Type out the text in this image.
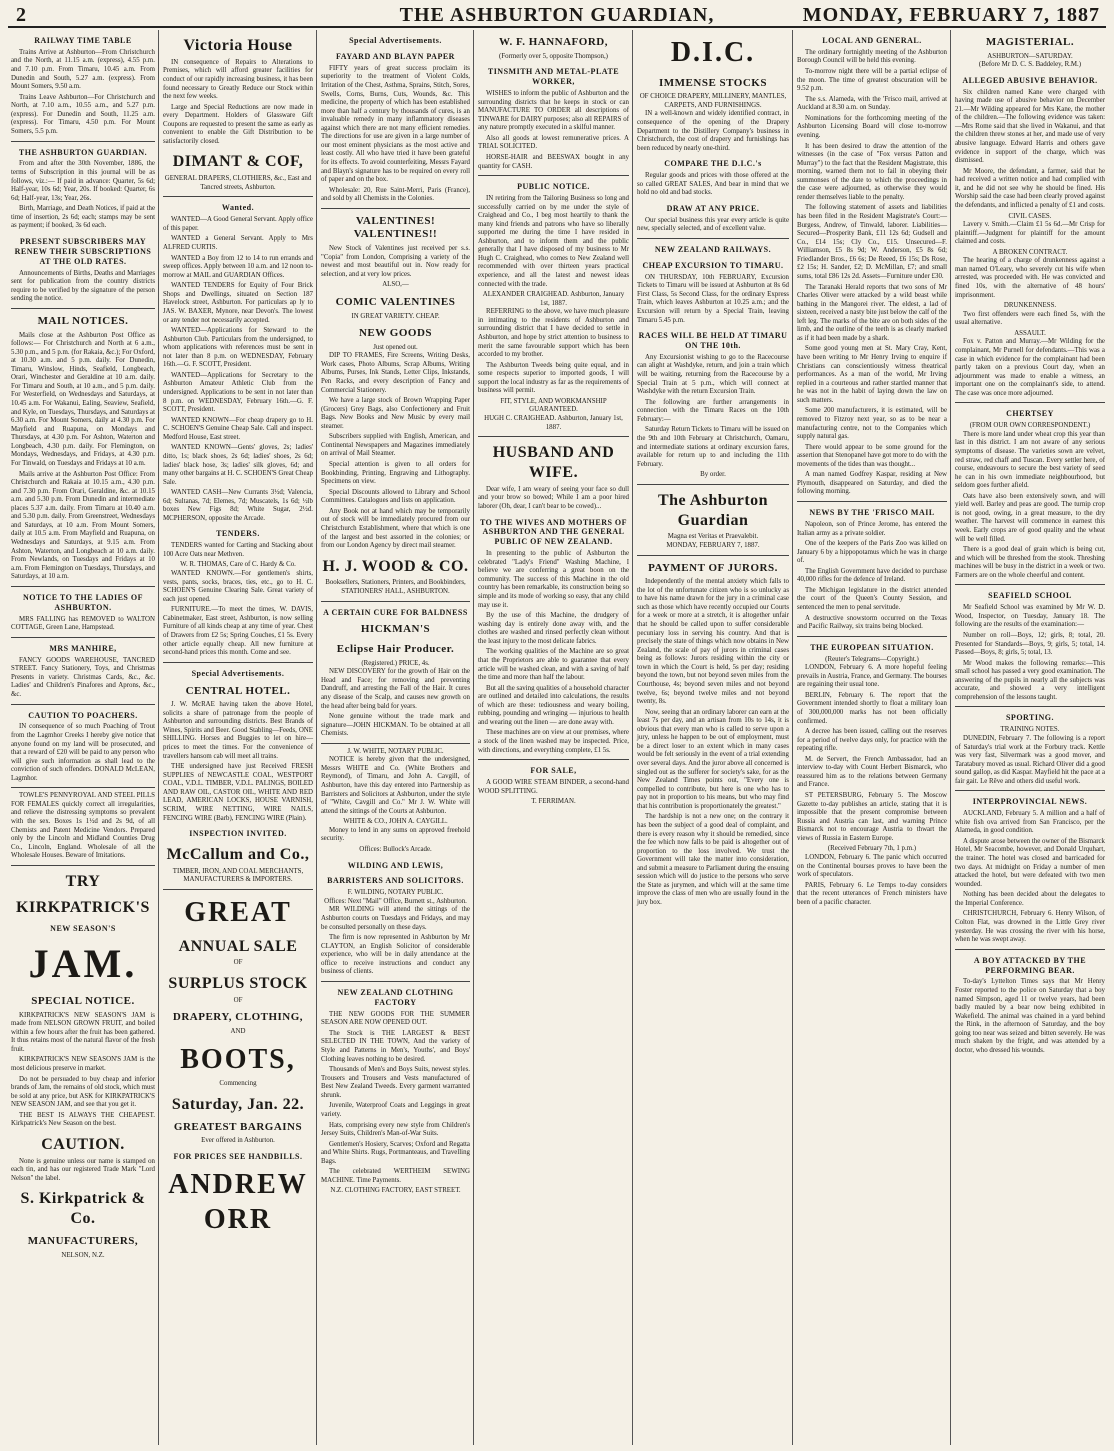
2	THE ASHBURTON GUARDIAN,	MONDAY, FEBRUARY 7, 1887
RAILWAY TIME TABLE

Trains Arrive at Ashburton—From Christchurch and the North, at 11.15 a.m. (express), 4.55 p.m. and 7.10 p.m. From Timaru, 10.45 a.m. From Dunedin and South, 5.27 a.m. (express). From Mount Somers, 9.50 a.m.

Trains Leave Ashburton—For Christchurch and North, at 7.10 a.m., 10.55 a.m., and 5.27 p.m. (express). For Dunedin and South, 11.25 a.m. (express). For Timaru, 4.50 p.m. For Mount Somers, 5.5 p.m.

THE ASHBURTON GUARDIAN.

From and after the 30th November, 1886, the terms of Subscription in this journal will be as follows, viz.:— If paid in advance: Quarter, 5s 6d; Half-year, 10s 6d; Year, 20s. If booked: Quarter, 6s 6d; Half-year, 13s; Year, 26s.

Birth, Marriage, and Death Notices, if paid at the time of insertion, 2s 6d; each; stamps may be sent as payment; if booked, 3s 6d each.

PRESENT SUBSCRIBERS MAY RENEW THEIR SUBSCRIPTIONS AT THE OLD RATES.

Announcements of Births, Deaths and Marriages sent for publication from the country districts require to be verified by the signature of the person sending the notice.

MAIL NOTICES.

Mails close at the Ashburton Post Office as follows:— For Christchurch and North at 6 a.m., 5.30 p.m., and 5 p.m. (for Rakaia, &c.); For Oxford, at 10.30 a.m. and 5 p.m. daily. For Dunedin, Timaru, Winslow, Hinds, Seafield, Longbeach, Orari, Winchester and Geraldine at 10 a.m. daily. For Timaru and South, at 10 a.m., and 5 p.m. daily. For Westerfield, on Wednesdays and Saturdays, at 10.45 a.m. For Wakanui, Ealing, Seaview, Seafield, and Kyle, on Tuesdays, Thursdays, and Saturdays at 6.30 a.m. For Mount Somers, daily at 4.30 p.m. For Mayfield and Ruapuna, on Mondays and Thursdays, at 4.30 p.m. For Ashton, Waterton and Longbeach, 4.30 p.m. daily. For Flemington, on Mondays, Wednesdays, and Fridays, at 4.30 p.m. For Tinwald, on Tuesdays and Fridays at 10 a.m.

Mails arrive at the Ashburton Post Office: From Christchurch and Rakaia at 10.15 a.m., 4.30 p.m. and 7.30 p.m. From Orari, Geraldine, &c. at 10.15 a.m. and 5.30 p.m. From Dunedin and intermediate places 5.37 a.m. daily. From Timaru at 10.40 a.m. and 5.30 p.m. daily. From Greenstreet, Wednesdays and Saturdays, at 10 a.m. From Mount Somers, daily at 10.5 a.m. From Mayfield and Ruapuna, on Wednesdays and Saturdays, at 9.15 a.m. From Ashton, Waterton, and Longbeach at 10 a.m. daily. From Newlands, on Tuesdays and Fridays at 10 a.m. From Flemington on Tuesdays, Thursdays, and Saturdays, at 10 a.m.

NOTICE TO THE LADIES OF ASHBURTON.

MRS FALLING has REMOVED to WALTON COTTAGE, Green Lane, Hampstead.

MRS MANHIRE,

FANCY GOODS WAREHOUSE, TANCRED STREET. Fancy Stationery, Toys, and Christmas Presents in variety. Christmas Cards, &c., &c. Ladies' and Children's Pinafores and Aprons, &c., &c.

CAUTION TO POACHERS.

IN consequence of so much Poaching of Trout from the Lagmhor Creeks I hereby give notice that anyone found on my land will be prosecuted, and that a reward of £20 will be paid to any person who will give such information as shall lead to the conviction of such offenders. DONALD McLEAN, Lagmhor.

TOWLE'S PENNYROYAL AND STEEL PILLS FOR FEMALES quickly correct all irregularities, and relieve the distressing symptoms so prevalent with the sex. Boxes 1s 1½d and 2s 9d, of all Chemists and Patent Medicine Vendors. Prepared only by the Lincoln and Midland Counties Drug Co., Lincoln, England. Wholesale of all the Wholesale Houses. Beware of Imitations.

TRY
KIRKPATRICK'S
NEW SEASON'S
JAM.
SPECIAL NOTICE.

KIRKPATRICK'S NEW SEASON'S JAM is made from NELSON GROWN FRUIT, and boiled within a few hours after the fruit has been gathered. It thus retains most of the natural flavor of the fresh fruit.

KIRKPATRICK'S NEW SEASON'S JAM is the most delicious preserve in market.

Do not be persuaded to buy cheap and inferior brands of Jam, the remains of old stock, which must be sold at any price, but ASK for KIRKPATRICK'S NEW SEASON JAM, and see that you get it.

THE BEST IS ALWAYS THE CHEAPEST. Kirkpatrick's New Season on the best.

CAUTION.

None is genuine unless our name is stamped on each tin, and has our registered Trade Mark "Lord Nelson" the label.

S. Kirkpatrick & Co.
MANUFACTURERS,
NELSON, N.Z.
Victoria House

IN consequence of Repairs to Alterations to Premises, which will afford greater facilities for conduct of our rapidly increasing business, it has been found necessary to Greatly Reduce our Stock within the next few weeks.

Large and Special Reductions are now made in every Department. Holders of Glassware Gift Coupons are requested to present the same as early as convenient to enable the Gift Distribution to be satisfactorily closed.

DIMANT & COF,
GENERAL DRAPERS, CLOTHIERS, &c., East and Tancred streets, Ashburton.
Wanted.

WANTED—A Good General Servant. Apply office of this paper.

WANTED a General Servant. Apply to Mrs ALFRED CURTIS.

WANTED a Boy from 12 to 14 to run errands and sweep offices. Apply between 10 a.m. and 12 noon to-morrow at MAIL and GUARDIAN Offices.

WANTED TENDERS for Equity of Four Brick Shops and Dwellings, situated on Section 187 Havelock street, Ashburton. For particulars ap ly to JAS. W. BAXER, Mynore, near Devon's. The lowest or any tender not necessarily accepted.

WANTED—Applications for Steward to the Ashburton Club. Particulars from the undersigned, to whom applications with references must be sent in not later than 8 p.m. on WEDNESDAY, February 16th.—G. F. SCOTT, President.

WANTED—Applications for Secretary to the Ashburton Amateur Athletic Club from the undersigned. Applications to be sent in not later than 8 p.m. on WEDNESDAY, February 16th.—G. F. SCOTT, President.

WANTED KNOWN—For cheap drapery go to H. C. SCHOEN'S Genuine Cheap Sale. Call and inspect. Medford House, East street.

WANTED KNOWN—Gents' gloves, 2s; ladies' ditto, 1s; black shoes, 2s 6d; ladies' shoes, 2s 6d; ladies' black hose, 3s; ladies' silk gloves, 6d; and many other bargains at H. C. SCHOEN'S Great Cheap Sale.

WANTED CASH—New Currants 3½d; Valencia, 6d; Sultanas, 7d; Elemes, 7d; Muscatels, 1s 6d; ½lb boxes New Figs 8d; White Sugar, 2½d. MCPHERSON, opposite the Arcade.

TENDERS.

TENDERS wanted for Carting and Stacking about 100 Acre Oats near Methven.

W. R. THOMAS, Care of C. Hardy & Co.

WANTED KNOWN.—For gentlemen's shirts, vests, pants, socks, braces, ties, etc., go to H. C. SCHOEN'S Genuine Clearing Sale. Great variety of each just opened.

FURNITURE.—To meet the times, W. DAVIS, Cabinetmaker, East street, Ashburton, is now selling Furniture of all kinds cheap at any time of year. Chest of Drawers from £2 5s; Spring Couches, £1 5s. Every other article equally cheap. All new furniture at second-hand prices this month. Come and see.

Special Advertisements.
CENTRAL HOTEL.

J. W. McRAE having taken the above Hotel, solicits a share of patronage from the people of Ashburton and surrounding districts. Best Brands of Wines, Spirits and Beer. Good Stabling—Feeds, ONE SHILLING. Horses and Buggies to let on hire—prices to meet the times. For the convenience of travellers hansom cab will meet all trains.

THE undersigned have just Received FRESH SUPPLIES of NEWCASTLE COAL, WESTPORT COAL, V.D.L. TIMBER, V.D.L. PALINGS, BOILED AND RAW OIL, CASTOR OIL, WHITE AND RED LEAD, AMERICAN LOCKS, HOUSE VARNISH, SCRIM, WIRE NETTING, WIRE NAILS, FENCING WIRE (Barb), FENCING WIRE (Plain).

INSPECTION INVITED.
McCallum and Co.,
TIMBER, IRON, AND COAL MERCHANTS, MANUFACTURERS & IMPORTERS.
GREAT
ANNUAL SALE
OF
SURPLUS STOCK
OF
DRAPERY, CLOTHING,
AND
BOOTS,
Commencing
Saturday, Jan. 22.
GREATEST BARGAINS
Ever offered in Ashburton.
FOR PRICES SEE HANDBILLS.
ANDREW ORR
Special Advertisements.
FAYARD AND BLAYN PAPER

FIFTY years of great success proclaim its superiority to the treatment of Violent Colds, Irritation of the Chest, Asthma, Sprains, Stitch, Sores, Swells, Corns, Burns, Cuts, Wounds, &c. This medicine, the property of which has been established more than half a century by thousands of cures, is an invaluable remedy in many inflammatory diseases against which there are not many efficient remedies. The directions for use are given in a large number of our most eminent physicians as the most active and least costly. All who have tried it have been grateful for its effects. To avoid counterfeiting, Messrs Fayard and Blayn's signature has to be required on every roll of paper and on the box.

Wholesale: 20, Rue Saint-Merri, Paris (France), and sold by all Chemists in the Colonies.

VALENTINES! VALENTINES!!

New Stock of Valentines just received per s.s. "Copia" from London, Comprising a variety of the newest and most beautiful out in. Now ready for selection, and at very low prices.

ALSO,—
COMIC VALENTINES
IN GREAT VARIETY. CHEAP.
NEW GOODS
Just opened out.

DIP TO FRAMES, Fire Screens, Writing Desks, Work cases, Photo Albums, Scrap Albums, Writing Albums, Purses, Ink Stands, Letter Clips, Inkstands, Pen Racks, and every description of Fancy and Commercial Stationery.

We have a large stock of Brown Wrapping Paper (Grocers) Grey Bags, also Confectionery and Fruit Bags. New Books and New Music by every mail steamer.

Subscribers supplied with English, American, and Continental Newspapers and Magazines immediately on arrival of Mail Steamer.

Special attention is given to all orders for Bookbinding, Printing, Engraving and Lithography. Specimens on view.

Special Discounts allowed to Library and School Committees. Catalogues and lists on application.

Any Book not at hand which may be temporarily out of stock will be immediately procured from our Christchurch Establishment, where that which is one of the largest and best assorted in the colonies; or from our London Agency by direct mail steamer.

H. J. WOOD & CO.
Booksellers, Stationers, Printers, and Bookbinders,
STATIONERS' HALL, ASHBURTON.
A CERTAIN CURE FOR BALDNESS
HICKMAN'S
Eclipse Hair Producer.
(Registered.) PRICE, 4s.

NEW DISCOVERY for the growth of Hair on the Head and Face; for removing and preventing Dandruff, and arresting the Fall of the Hair. It cures any disease of the Scalp, and causes new growth on the head after being bald for years.

None genuine without the trade mark and signature—JOHN HICKMAN. To be obtained at all Chemists.

J. W. WHITE, NOTARY PUBLIC.

NOTICE is hereby given that the undersigned, Messrs WHITE and Co. (White Brothers and Reymond), of Timaru, and John A. Cavgill, of Ashburton, have this day entered into Partnership as Barristers and Solicitors at Ashburton, under the style of "White, Cavgill and Co." Mr J. W. White will attend the sittings of the Courts at Ashburton.

WHITE & CO., JOHN A. CAYGILL.

Money to lend in any sums on approved freehold security.

Offices: Bullock's Arcade.
WILDING AND LEWIS,
BARRISTERS AND SOLICITORS.
F. WILDING, NOTARY PUBLIC.
Offices: Next "Mail" Office, Burnett st., Ashburton.

MR WILDING will attend the sittings of the Ashburton courts on Tuesdays and Fridays, and may be consulted personally on these days.

The firm is now represented in Ashburton by Mr CLAYTON, an English Solicitor of considerable experience, who will be in daily attendance at the office to receive instructions and conduct any business of clients.

NEW ZEALAND CLOTHING FACTORY

THE NEW GOODS FOR THE SUMMER SEASON ARE NOW OPENED OUT.

The Stock is THE LARGEST & BEST SELECTED IN THE TOWN, And the variety of Style and Patterns in Men's, Youths', and Boys' Clothing leaves nothing to be desired.

Thousands of Men's and Boys Suits, newest styles. Trousers and Trousers and Vests manufactured of Best New Zealand Tweeds. Every garment warranted shrunk.

Juvenile, Waterproof Coats and Leggings in great variety.

Hats, comprising every new style from Children's Jersey Suits, Children's Man-of-War Suits.

Gentlemen's Hosiery, Scarves; Oxford and Regatta and White Shirts. Rugs, Portmanteaus, and Travelling Bags.

The celebrated WERTHEIM SEWING MACHINE. Time Payments.

N.Z. CLOTHING FACTORY, EAST STREET.
W. F. HANNAFORD,
(Formerly over 5, opposite Thompson,)
TINSMITH AND METAL-PLATE WORKER,

WISHES to inform the public of Ashburton and the surrounding districts that he keeps in stock or can MANUFACTURE TO ORDER all descriptions of TINWARE for DAIRY purposes; also all REPAIRS of any nature promptly executed in a skilful manner.

Also all goods at lowest remunerative prices. A TRIAL SOLICITED.

HORSE-HAIR and BEESWAX bought in any quantity for CASH.

PUBLIC NOTICE.

IN retiring from the Tailoring Business so long and successfully carried on by me under the style of Craighead and Co., I beg most heartily to thank the many kind friends and patrons who have so liberally supported me during the time I have resided in Ashburton, and to inform them and the public generally that I have disposed of my business to Mr Hugh C. Craighead, who comes to New Zealand well recommended with over thirteen years practical experience, and all the latest and newest ideas connected with the trade.

ALEXANDER CRAIGHEAD. Ashburton, January 1st, 1887.

REFERRING to the above, we have much pleasure in intimating to the residents of Ashburton and surrounding district that I have decided to settle in Ashburton, and hope by strict attention to business to merit the same favourable support which has been accorded to my brother.

The Ashburton Tweeds being quite equal, and in some respects superior to imported goods, I will support the local industry as far as the requirements of business will permit.

FIT, STYLE, AND WORKMANSHIP GUARANTEED.
HUGH C. CRAIGHEAD. Ashburton, January 1st, 1887.
HUSBAND AND WIFE.

Dear wife, I am weary of seeing your face so dull and your brow so bowed; While I am a poor hired laborer (Oh, dear, I can't bear to be cowed)...

TO THE WIVES AND MOTHERS OF ASHBURTON AND THE GENERAL PUBLIC OF NEW ZEALAND.

In presenting to the public of Ashburton the celebrated "Lady's Friend" Washing Machine, I believe we are conferring a great boon on the community. The success of this Machine in the old country has been remarkable, its construction being so simple and its mode of working so easy, that any child may use it.

By the use of this Machine, the drudgery of washing day is entirely done away with, and the clothes are washed and rinsed perfectly clean without the least injury to the most delicate fabrics.

The working qualities of the Machine are so great that the Proprietors are able to guarantee that every article will be washed clean, and with a saving of half the time and more than half the labour.

But all the saving qualities of a household character are outlined and detailed into calculations, the results of which are these: tediousness and weary boiling, rubbing, pounding and wringing — injurious to health and wearing out the linen — are done away with.

These machines are on view at our premises, where a stock of the linen washed may be inspected. Price, with directions, and everything complete, £1 5s.

FOR SALE,

A GOOD WIRE STEAM BINDER, a second-hand WOOD SPLITTING.

T. FERRIMAN.
D.I.C.
IMMENSE STOCKS
OF CHOICE DRAPERY, MILLINERY, MANTLES, CARPETS, AND FURNISHINGS.

IN a well-known and widely identified contract, in consequence of the opening of the Drapery Department to the Distillery Company's business in Christchurch, the cost of drapery and furnishings has been reduced by nearly one-third.

COMPARE THE D.I.C.'s

Regular goods and prices with those offered at the so called GREAT SALES, And bear in mind that we hold no old and bad stocks.

DRAW AT ANY PRICE.

Our special business this year every article is quite new, specially selected, and of excellent value.

NEW ZEALAND RAILWAYS.
CHEAP EXCURSION TO TIMARU.

ON THURSDAY, 10th FEBRUARY, Excursion Tickets to Timaru will be issued at Ashburton at 8s 6d First Class, 5s Second Class, for the ordinary Express Train, which leaves Ashburton at 10.25 a.m.; and the Excursion will return by a Special Train, leaving Timaru 5.45 p.m.

RACES WILL BE HELD AT TIMARU ON THE 10th.

Any Excursionist wishing to go to the Racecourse can alight at Washdyke, return, and join a train which will be waiting, returning from the Racecourse by a Special Train at 5 p.m., which will connect at Washdyke with the return Excursion Train.

The following are further arrangements in connection with the Timaru Races on the 10th February:—

Saturday Return Tickets to Timaru will be issued on the 9th and 10th February at Christchurch, Oamaru, and intermediate stations at ordinary excursion fares, available for return up to and including the 11th February.

By order.
The Ashburton Guardian
Magna est Veritas et Praevalebit.
MONDAY, FEBRUARY 7, 1887.
PAYMENT OF JURORS.

Independently of the mental anxiety which falls to the lot of the unfortunate citizen who is so unlucky as to have his name drawn for the jury in a criminal case such as those which have recently occupied our Courts for a week or more at a stretch, it is altogether unfair that he should be called upon to suffer considerable pecuniary loss in serving his country. And that is precisely the state of things which now obtains in New Zealand, the scale of pay of jurors in criminal cases being as follows: Jurors residing within the city or town in which the Court is held, 5s per day; residing beyond the town, but not beyond seven miles from the Courthouse, 4s; beyond seven miles and not beyond twelve, 6s; beyond twelve miles and not beyond twenty, 8s.

Now, seeing that an ordinary laborer can earn at the least 7s per day, and an artisan from 10s to 14s, it is obvious that every man who is called to serve upon a jury, unless he happen to be out of employment, must be a direct loser to an extent which in many cases would be felt seriously in the event of a trial extending over several days. And the juror above all concerned is singled out as the sufferer for society's sake, for as the New Zealand Times points out, "Every one is compelled to contribute, but here is one who has to pay not in proportion to his means, but who may find that his contribution is proportionately the greatest."

The hardship is not a new one; on the contrary it has been the subject of a good deal of complaint, and there is every reason why it should be remedied, since the fee which now falls to be paid is altogether out of proportion to the loss involved. We trust the Government will take the matter into consideration, and submit a measure to Parliament during the ensuing session which will do justice to the persons who serve the State as jurymen, and which will at the same time improve the class of men who are usually found in the jury box.

LOCAL AND GENERAL.

The ordinary fortnightly meeting of the Ashburton Borough Council will be held this evening.

To-morrow night there will be a partial eclipse of the moon. The time of greatest obscuration will be 9.52 p.m.

The s.s. Alameda, with the 'Frisco mail, arrived at Auckland at 8.30 a.m. on Sunday.

Nominations for the forthcoming meeting of the Ashburton Licensing Board will close to-morrow evening.

It has been desired to draw the attention of the witnesses (in the case of "Fox versus Patton and Murray") to the fact that the Resident Magistrate, this morning, warned them not to fail in obeying their summonses of the date to which the proceedings in the case were adjourned, as otherwise they would render themselves liable to the penalty.

The following statement of assets and liabilities has been filed in the Resident Magistrate's Court:—Burgess, Andrew, of Tinwald, laborer. Liabilities—Secured—Prosperity Bank, £11 12s 6d; Gudsell and Co., £14 15s; Cly Co., £15. Unsecured—F. Williamson, £5 8s 9d; W. Anderson, £5 8s 6d; Friedlander Bros., £6 6s; De Reeed, £6 15s; Ds Rose, £2 15s; H. Sander, £2; D. McMillan, £7; and small sums, total £86 12s 2d. Assets—Furniture under £30.

The Taranaki Herald reports that two sons of Mr Charles Oliver were attacked by a wild beast while bathing in the Mangorei river. The eldest, a lad of sixteen, received a nasty bite just below the calf of the left leg. The marks of the bite are on both sides of the limb, and the outline of the teeth is as clearly marked as if it had been made by a shark.

Some good young men at St. Mary Cray, Kent, have been writing to Mr Henry Irving to enquire if Christians can conscientiously witness theatrical performances. As a man of the world, Mr Irving replied in a courteous and rather startled manner that he was not in the habit of laying down the law on such matters.

Some 200 manufacturers, it is estimated, will be removed to Fitzroy next year, so as to be near a manufacturing centre, not to the Companies which supply natural gas.

There would appear to be some ground for the assertion that Stenopanel have got more to do with the movements of the tides than was thought...

A man named Godfrey Kaspar, residing at New Plymouth, disappeared on Saturday, and died the following morning.

NEWS BY THE 'FRISCO MAIL

Napoleon, son of Prince Jerome, has entered the Italian army as a private soldier.

One of the keepers of the Paris Zoo was killed on January 6 by a hippopotamus which he was in charge of.

The English Government have decided to purchase 40,000 rifles for the defence of Ireland.

The Michigan legislature in the district attended the court of the Queen's County Session, and sentenced the men to penal servitude.

A destructive snowstorm occurred on the Texas and Pacific Railway, six trains being blocked.

THE EUROPEAN SITUATION.
(Reuter's Telegrams—Copyright.)

LONDON, February 6. A more hopeful feeling prevails in Austria, France, and Germany. The bourses are regaining their usual tone.

BERLIN, February 6. The report that the Government intended shortly to float a military loan of 300,000,000 marks has not been officially confirmed.

A decree has been issued, calling out the reserves for a period of twelve days only, for practice with the repeating rifle.

M. de Servert, the French Ambassador, had an interview to-day with Count Herbert Bismarck, who reassured him as to the relations between Germany and France.

ST PETERSBURG, February 5. The Moscow Gazette to-day publishes an article, stating that it is impossible that the present compromise between Russia and Austria can last, and warning Prince Bismarck not to encourage Austria to thwart the views of Russia in Eastern Europe.

(Received February 7th, 1 p.m.)

LONDON, February 6. The panic which occurred on the Continental bourses proves to have been the work of speculators.

PARIS, February 6. Le Temps to-day considers that the recent utterances of French ministers have been of a pacific character.

MAGISTERIAL.
ASHBURTON—SATURDAY.
(Before Mr D. C. S. Baddeley, R.M.)
ALLEGED ABUSIVE BEHAVIOR.

Six children named Kane were charged with having made use of abusive behavior on December 21.—Mr Wilding appeared for Mrs Kane, the mother of the children.—The following evidence was taken:—Mrs Rome said that she lived in Wakanui, and that the children threw stones at her, and made use of very abusive language. Edward Harris and others gave evidence in support of the charge, which was dismissed.

Mr Moore, the defendant, a farmer, said that he had received a written notice and had complied with it, and he did not see why he should be fined. His Worship said the case had been clearly proved against the defendants, and inflicted a penalty of £1 and costs.

CIVIL CASES.

Lavery v. Smith.—Claim £1 5s 6d.—Mr Crisp for plaintiff.—Judgment for plaintiff for the amount claimed and costs.

A BROKEN CONTRACT.

The hearing of a charge of drunkenness against a man named O'Leary, who severely cut his wife when arrested, was proceeded with. He was convicted and fined 10s, with the alternative of 48 hours' imprisonment.

DRUNKENNESS.

Two first offenders were each fined 5s, with the usual alternative.

ASSAULT.

Fox v. Patton and Murray.—Mr Wilding for the complainant, Mr Purnell for defendants.—This was a case in which evidence for the complainant had been partly taken on a previous Court day, when an adjournment was made to enable a witness, an important one on the complainant's side, to attend. The case was once more adjourned.

CHERTSEY
(FROM OUR OWN CORRESPONDENT.)

There is more land under wheat crop this year than last in this district. I am not aware of any serious symptoms of disease. The varieties sown are velvet, red straw, red chaff and Tuscan. Every settler here, of course, endeavours to secure the best variety of seed he can in his own immediate neighbourhood, but seldom goes further afield.

Oats have also been extensively sown, and will yield well. Barley and peas are good. The turnip crop is not good, owing, in a great measure, to the dry weather. The harvest will commence in earnest this week. Early crops are of good quality and the wheat will be well filled.

There is a good deal of grain which is being cut, and which will be threshed from the stook. Threshing machines will be busy in the district in a week or two. Farmers are on the whole cheerful and content.

SEAFIELD SCHOOL

Mr Seafield School was examined by Mr W. D. Wood, Inspector, on Tuesday, January 18. The following are the results of the examination:—

Number on roll—Boys, 12; girls, 8; total, 20. Presented for Standards—Boys, 9; girls, 5; total, 14. Passed—Boys, 8; girls, 5; total, 13.

Mr Wood makes the following remarks:—This small school has passed a very good examination. The answering of the pupils in nearly all the subjects was accurate, and showed a very intelligent comprehension of the lessons taught.

SPORTING.
TRAINING NOTES.

DUNEDIN, February 7. The following is a report of Saturday's trial work at the Forbury track. Kettle was very fast, Silvermark was a good mover, and Taratabury moved as usual. Richard Oliver did a good sound gallop, as did Kaspar. Mayfield hit the pace at a fair gait. Le Rêve and others did useful work.

INTERPROVINCIAL NEWS.

AUCKLAND, February 5. A million and a half of white fish ova arrived from San Francisco, per the Alameda, in good condition.

A dispute arose between the owner of the Bismarck Hotel, Mr Seacombe, however, and Donald Urquhart, the trainer. The hotel was closed and barricaded for two days. At midnight on Friday a number of men attacked the hotel, but were defeated with two men wounded.

Nothing has been decided about the delegates to the Imperial Conference.

CHRISTCHURCH, February 6. Henry Wilson, of Colton Flat, was drowned in the Little Grey river yesterday. He was crossing the river with his horse, when he was swept away.

A BOY ATTACKED BY THE PERFORMING BEAR.

To-day's Lyttelton Times says that Mr Henry Foster reported to the police on Saturday that a boy named Simpson, aged 11 or twelve years, had been badly mauled by a bear now being exhibited in Wakefield. The animal was chained in a yard behind the Rink, in the afternoon of Saturday, and the boy going too near was seized and bitten severely. He was much shaken by the fright, and was attended by a doctor, who dressed his wounds.
